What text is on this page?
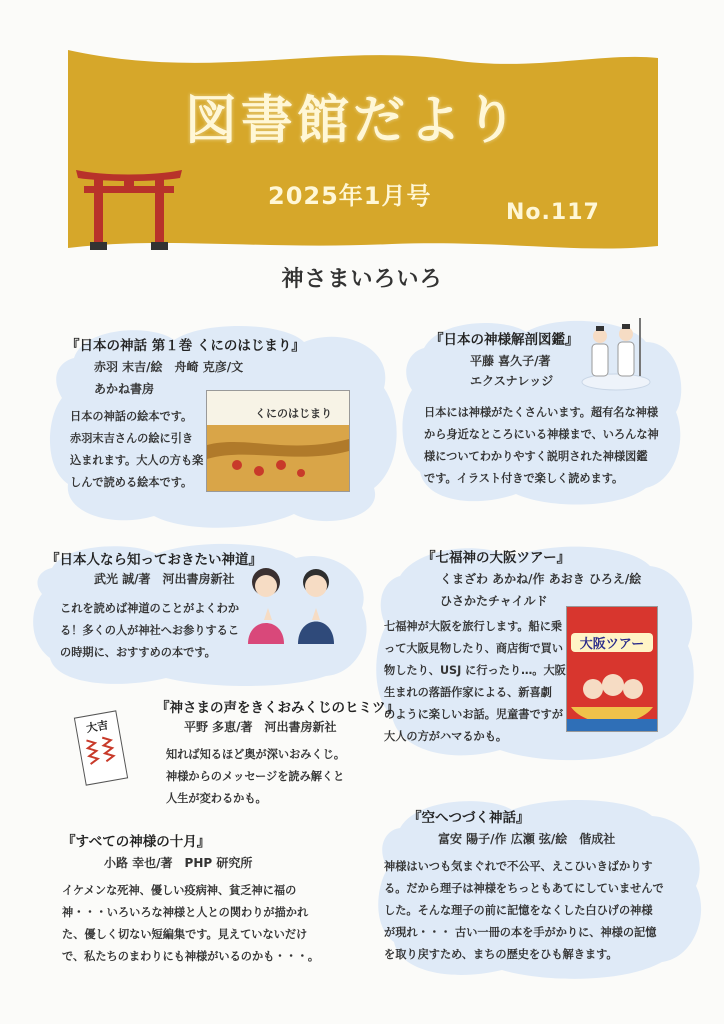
図書館だより
2025年1月号
No.117
神さまいろいろ
『日本の神話 第１巻 くにのはじまり』
赤羽 末吉/絵　舟崎 克彦/文
あかね書房
日本の神話の絵本です。
赤羽末吉さんの絵に引き
込まれます。大人の方も楽
しんで読める絵本です。
くにのはじまり
『日本の神様解剖図鑑』
平藤 喜久子/著
エクスナレッジ
日本には神様がたくさんいます。超有名な神様
から身近なところにいる神様まで、いろんな神
様についてわかりやすく説明された神様図鑑
です。イラスト付きで楽しく読めます。
『日本人なら知っておきたい神道』
武光 誠/著　河出書房新社
これを読めば神道のことがよくわか
る！多くの人が神社へお参りするこ
の時期に、おすすめの本です。
『七福神の大阪ツアー』
くまざわ あかね/作 あおき ひろえ/絵
ひさかたチャイルド
七福神が大阪を旅行します。船に乗
って大阪見物したり、商店街で買い
物したり、USJ に行ったり…。大阪
生まれの落語作家による、新喜劇
のように楽しいお話。児童書ですが
大人の方がハマるかも。
大阪ツアー
『神さまの声をきくおみくじのヒミツ』
平野 多恵/著　河出書房新社
知れば知るほど奥が深いおみくじ。
神様からのメッセージを読み解くと
人生が変わるかも。
大吉
『すべての神様の十月』
小路 幸也/著　PHP 研究所
イケメンな死神、優しい疫病神、貧乏神に福の
神・・・いろいろな神様と人との関わりが描かれ
た、優しく切ない短編集です。見えていないだけ
で、私たちのまわりにも神様がいるのかも・・・。
『空へつづく神話』
富安 陽子/作 広瀬 弦/絵　偕成社
神様はいつも気まぐれで不公平、えこひいきばかりす
る。だから理子は神様をちっともあてにしていませんで
した。そんな理子の前に記憶をなくした白ひげの神様
が現れ・・・ 古い一冊の本を手がかりに、神様の記憶
を取り戻すため、まちの歴史をひも解きます。
